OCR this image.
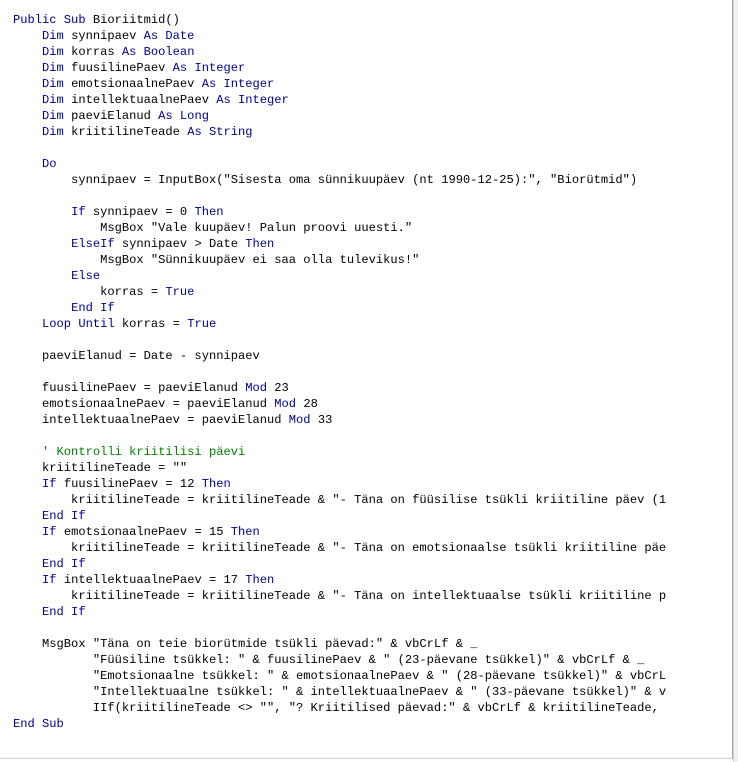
Public Sub Bioriitmid()
Dim synnipaev As Date
Dim korras As Boolean
Dim fuusilinePaev As Integer
Dim emotsionaalnePaev As Integer
Dim intellektuaalnePaev As Integer
Dim paeviElanud As Long
Dim kriitilineTeade As String
Do
synnipaev = InputBox("Sisesta oma sünnikuupäev (nt 1990-12-25):", "Biorütmid")
If synnipaev = 0 Then
MsgBox "Vale kuupäev! Palun proovi uuesti."
ElseIf synnipaev > Date Then
MsgBox "Sünnikuupäev ei saa olla tulevikus!"
Else
korras = True
End If
Loop Until korras = True
paeviElanud = Date - synnipaev
fuusilinePaev = paeviElanud Mod 23
emotsionaalnePaev = paeviElanud Mod 28
intellektuaalnePaev = paeviElanud Mod 33
' Kontrolli kriitilisi päevi
kriitilineTeade = ""
If fuusilinePaev = 12 Then
kriitilineTeade = kriitilineTeade & "- Täna on füüsilise tsükli kriitiline päev (1
End If
If emotsionaalnePaev = 15 Then
kriitilineTeade = kriitilineTeade & "- Täna on emotsionaalse tsükli kriitiline päe
End If
If intellektuaalnePaev = 17 Then
kriitilineTeade = kriitilineTeade & "- Täna on intellektuaalse tsükli kriitiline p
End If
MsgBox "Täna on teie biorütmide tsükli päevad:" & vbCrLf & _
"Füüsiline tsükkel: " & fuusilinePaev & " (23-päevane tsükkel)" & vbCrLf & _
"Emotsionaalne tsükkel: " & emotsionaalnePaev & " (28-päevane tsükkel)" & vbCrL
"Intellektuaalne tsükkel: " & intellektuaalnePaev & " (33-päevane tsükkel)" & v
IIf(kriitilineTeade <> "", "? Kriitilised päevad:" & vbCrLf & kriitilineTeade,
End Sub
